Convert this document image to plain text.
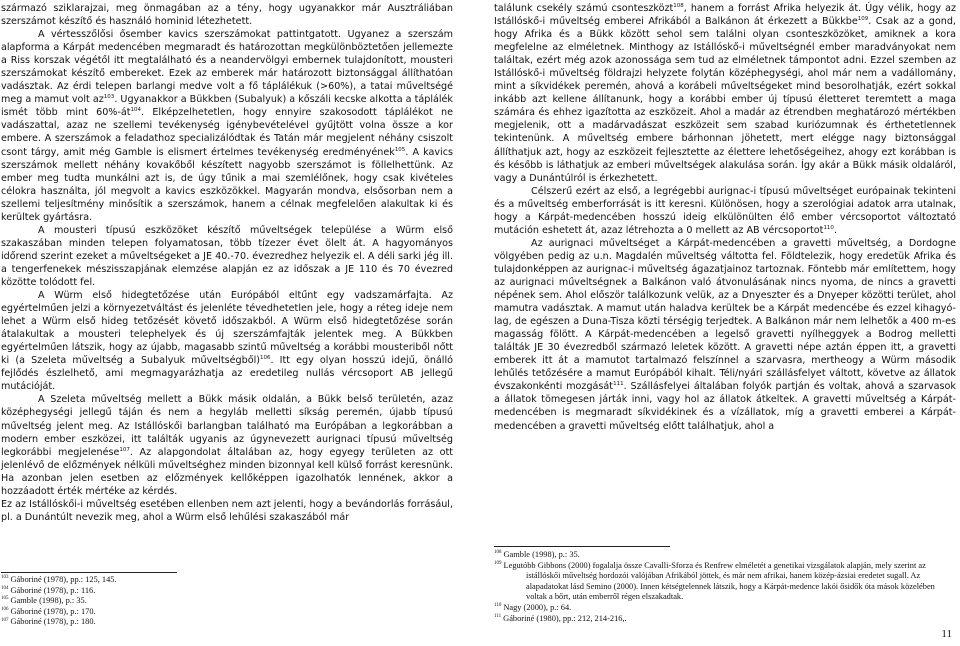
származó sziklarajzai, meg önmagában az a tény, hogy ugyanakkor már Ausztráliában szerszámot készítő és használó hominid létezhetett.

A vértesszőlősi ősember kavics szerszámokat pattintgatott. Ugyanez a szerszám alapforma a Kárpát medencében megmaradt és határozottan megkülönböztetően jellemezte a Riss korszak végétől itt megtalálható és a neandervölgyi embernek tulajdonított, mousteri szerszámokat készítő embereket. Ezek az emberek már határozott biztonsággal állíthatóan vadásztak. Az érdi telepen barlangi medve volt a fő táplálékuk (>60%), a tatai műveltségé meg a mamut volt $az^{103}$. Ugyanakkor a Bükkben (Subalyuk) a kőszáli kecske alkotta a táplálék ismét több mint $60\%-át^{104}$. Elképzelhetetlen, hogy ennyire szakosodott táplálékot ne vadászattal, azaz ne szellemi tevékenység igénybevételével gyűjtött volna össze a kor embere. A szerszámok a feladathoz specializálódtak és Tatán már megjelent néhány csiszolt csont tárgy, amit még Gamble is elismert értelmes tevékenység eredményének$^{105}$. A kavics szerszámok mellett néhány kovakőből készített nagyobb szerszámot is föllelhettünk. Az ember meg tudta munkálni azt is, de úgy tűnik a mai szemlélőnek, hogy csak kivételes célokra használta, jól megvolt a kavics eszközökkel. Magyarán mondva, elsősorban nem a szellemi teljesítmény minősítik a szerszámok, hanem a célnak megfelelően alakultak ki és kerültek gyártásra.

A mousteri típusú eszközöket készítő műveltségek települése a Würm első szakaszában minden telepen folyamatosan, több tízezer évet ölelt át. A hagyományos időrend szerint ezeket a műveltségeket a JE 40.-70. évezredhez helyezik el. A déli sarki jég ill. a tengerfenekek mészisszapjának elemzése alapján ez az időszak a JE 110 és 70 évezred közötte tolódott fel.

A Würm első hidegtetőzése után Európából eltűnt egy vadszamárfajta. Az egyértelműen jelzi a környezetváltást és jelenléte tévedhetetlen jele, hogy a réteg ideje nem lehet a Würm első hideg tetőzését követő időszakból. A Würm első hidegtetőzése során átalakultak a mousteri telephelyek és új szerszámfajták jelentek meg. A Bükkben egyértelműen látszik, hogy az újabb, magasabb szintű műveltség a korábbi mousteriből nőtt ki (a Szeleta műveltség a Subalyuk műveltségből)$^{106}$. Itt egy olyan hosszú idejű, önálló fejlődés észlelhető, ami megmagyarázhatja az eredetileg nullás vércsoport AB jellegű mutációját.

A Szeleta műveltség mellett a Bükk másik oldalán, a Bükk belső területén, azaz középhegységi jellegű táján és nem a hegyláb melletti síkság peremén, újabb típusú műveltség jelent meg. Az Istállóskői barlangban található ma Európában a legkorábban a modern ember eszközei, itt találták ugyanis az úgynevezett aurignaci típusú műveltség legkorábbi megjelenése$^{107}$. Az alapgondolat általában az, hogy egyegy területen az ott jelenlévő de előzmények nélküli műveltséghez minden bizonnyal kell külső forrást keresnünk. Ha azonban jelen esetben az előzmények kellőképpen igazolhatók lennének, akkor a hozzáadott érték mértéke az kérdés.

Ez az Istállóskői-i műveltség esetében ellenben nem azt jelenti, hogy a bevándorlás forrásául, pl. a Dunántúlt nevezik meg, ahol a Würm első lehűlési szakaszából már

$^{103}$ Gáboriné (1978), pp.: 125, 145.
$^{104}$ Gáboriné (1978), p.: 116.
$^{105}$ Gamble (1998), p.: 35.
$^{106}$ Gáboriné (1978), p.: 170.
$^{107}$ Gáboriné (1978), p.: 180.

találunk csekély számú csonteszközt$^{108}$, hanem a forrást Afrika helyezik át. Úgy vélik, hogy az Istállóskő-i műveltség emberei Afrikából a Balkánon át érkezett a Bükkbe$^{109}$. Csak az a gond, hogy Afrika és a Bükk között sehol sem találni olyan csonteszközöket, amiknek a kora megfelelne az elméletnek. Minthogy az Istállóskő-i műveltségnél ember maradványokat nem találtak, ezért még azok azonossága sem tud az elméletnek támpontot adni. Ezzel szemben az Istállóskő-i műveltség földrajzi helyzete folytán középhegységi, ahol már nem a vadállomány, mint a síkvidékek peremén, ahová a korábeli műveltségeket mind besorolhatják, ezért sokkal inkább azt kellene állítanunk, hogy a korábbi ember új típusú életteret teremtett a maga számára és ehhez igazította az eszközeit. Ahol a madár az étrendben meghatározó mértékben megjelenik, ott a madárvadászat eszközeit sem szabad kuriózumnak és érthetetlennek tekintenünk. A műveltség embere bárhonnan jöhetett, mert elégge nagy biztonsággal állíthatjuk azt, hogy az eszközeit fejlesztette az élettere lehetőségeihez, ahogy ezt korábban is és később is láthatjuk az emberi műveltségek alakulása során. Így akár a Bükk másik oldaláról, vagy a Dunántúlról is érkezhetett.

Célszerű ezért az első, a legrégebbi aurignac-i típusú műveltséget európainak tekinteni és a műveltség emberforrását is itt keresni. Különösen, hogy a szerológiai adatok arra utalnak, hogy a Kárpát-medencében hosszú ideig elkülönülten élő ember vércsoportot változtató mutáción eshetett át, azaz létrehozta a 0 mellett az AB vércsoportot$^{110}$.

Az aurignaci műveltséget a Kárpát-medencében a gravetti műveltség, a Dordogne völgyében pedig az u.n. Magdalén műveltség váltotta fel. Földtelezik, hogy eredetük Afrika és tulajdonképpen az aurignac-i műveltség ágazatjainoz tartoznak. Föntebb már említettem, hogy az aurignaci műveltségnek a Balkánon való átvonulásának nincs nyoma, de nincs a gravetti népének sem. Ahol először találkozunk velük, az a Dnyeszter és a Dnyeper közötti terület, ahol mamutra vadásztak. A mamut után haladva kerültek be a Kárpát medencébe és ezzel kihagyó-lag, de egészen a Duna-Tisza közti térségig terjedtek. A Balkánon már nem lelhetők a 400 m-es magasság fölött. A Kárpát-medencében a legelső gravetti nyílheggyek a Bodrog melletti találták JE 30 évezredből származó leletek között. A gravetti népe aztán éppen itt, a gravetti emberek itt át a mamutot tartalmazó felszínnel a szarvasra, mertheogy a Würm második lehűlés tetőzésére a mamut Európából kihalt. Téli/nyári szállásfelyet váltott, követve az állatok évszakonkénti mozgását$^{111}$. Szállásfelyei általában folyók partján és voltak, ahová a szarvasok a állatok tömegesen járták inni, vagy hol az állatok átkeltek. A gravetti műveltség a Kárpát-medencében is megmaradt síkvidékinek és a vízállatok, míg a gravetti emberei a Kárpát-medencében a gravetti műveltség előtt találhatjuk, ahol a

$^{108}$ Gamble (1998), p.: 35.
$^{109}$ Legutóbb Gibbons (2000) fogalalja össze Cavalli-Sforza és Renfrew elméletét a genetikai vizsgálatok alapján, mely szerint az istállóskői műveltség hordozói valójában Afrikából jöttek, és már nem afrikai, hanem közép-ázsiai eredetet sugall. Az alapadatokat lásd Semino (2000). Innen kétségtelennek látszik, hogy a Kárpát-medence lakói ősidők óta mások közelében voltak a bőrt, után emberről régen elszakadtak.
$^{110}$ Nagy (2000), p.: 64.
$^{111}$ Gáboriné (1980), pp.: 212, 214-216,.
11
